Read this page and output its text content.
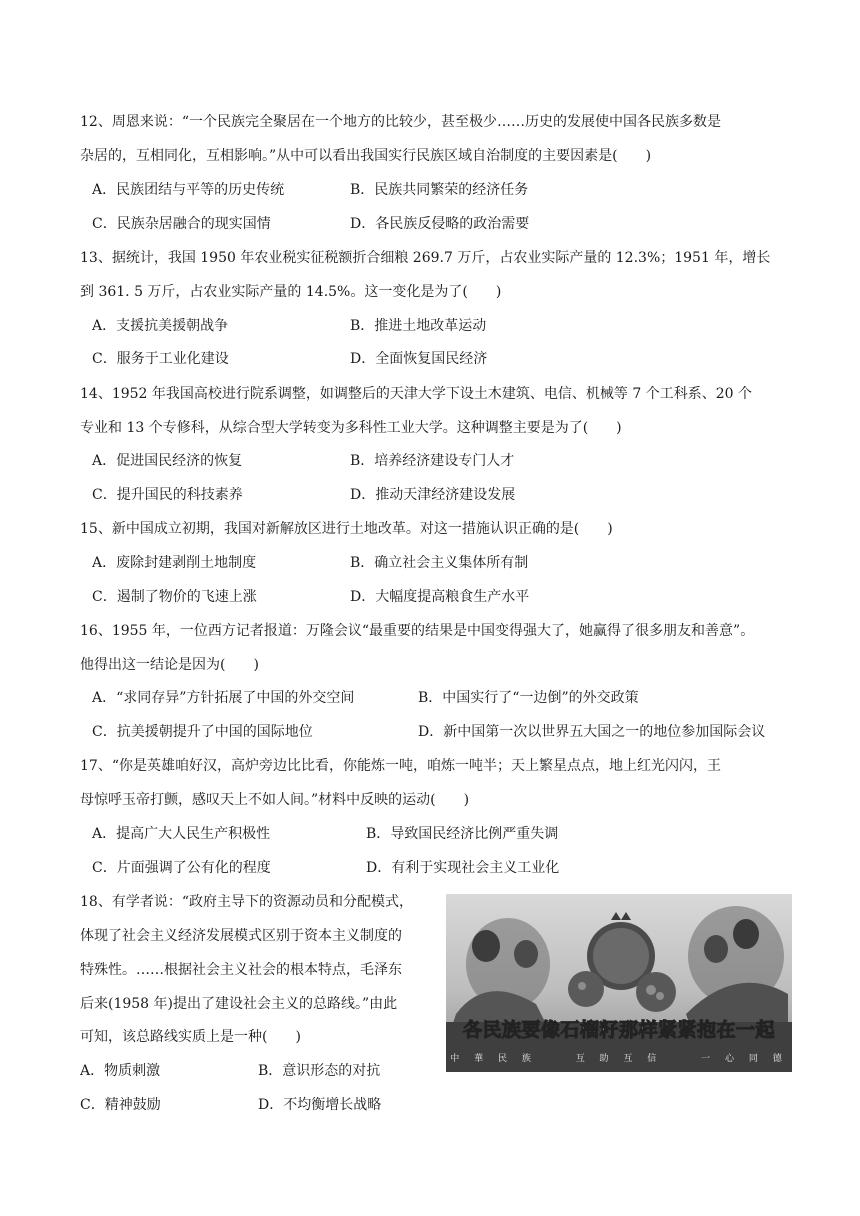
12、周恩来说：“一个民族完全聚居在一个地方的比较少，甚至极少……历史的发展使中国各民族多数是
杂居的，互相同化，互相影响。”从中可以看出我国实行民族区域自治制度的主要因素是(　　)
A．民族团结与平等的历史传统	B．民族共同繁荣的经济任务
C．民族杂居融合的现实国情	D．各民族反侵略的政治需要
13、据统计，我国 1950 年农业税实征税额折合细粮 269.7 万斤，占农业实际产量的 12.3%；1951 年，增长
到 361. 5 万斤，占农业实际产量的 14.5%。这一变化是为了(　　)
A．支援抗美援朝战争	B．推进土地改革运动
C．服务于工业化建设	D．全面恢复国民经济
14、1952 年我国高校进行院系调整，如调整后的天津大学下设土木建筑、电信、机械等 7 个工科系、20 个
专业和 13 个专修科，从综合型大学转变为多科性工业大学。这种调整主要是为了(　　)
A．促进国民经济的恢复	B．培养经济建设专门人才
C．提升国民的科技素养	D．推动天津经济建设发展
15、新中国成立初期，我国对新解放区进行土地改革。对这一措施认识正确的是(　　)
A．废除封建剥削土地制度	B．确立社会主义集体所有制
C．遏制了物价的飞速上涨	D．大幅度提高粮食生产水平
16、1955 年，一位西方记者报道：万隆会议“最重要的结果是中国变得强大了，她赢得了很多朋友和善意”。
他得出这一结论是因为(　　)
A．“求同存异”方针拓展了中国的外交空间	B．中国实行了“一边倒”的外交政策
C．抗美援朝提升了中国的国际地位	D．新中国第一次以世界五大国之一的地位参加国际会议
17、“你是英雄咱好汉，高炉旁边比比看，你能炼一吨，咱炼一吨半；天上繁星点点，地上红光闪闪，王
母惊呼玉帝打颤，感叹天上不如人间。”材料中反映的运动(　　)
A．提高广大人民生产积极性	B．导致国民经济比例严重失调
C．片面强调了公有化的程度	D．有利于实现社会主义工业化
18、有学者说：“政府主导下的资源动员和分配模式，
体现了社会主义经济发展模式区别于资本主义制度的
特殊性。……根据社会主义社会的根本特点，毛泽东
后来(1958 年)提出了建设社会主义的总路线。”由此
可知，该总路线实质上是一种(　　)
A．物质刺激	B．意识形态的对抗
C．精神鼓励	D．不均衡增长战略
各民族要像石榴籽那样紧紧抱在一起
中 華 民 族　　 互 助 互 信　　 一 心 同 德
